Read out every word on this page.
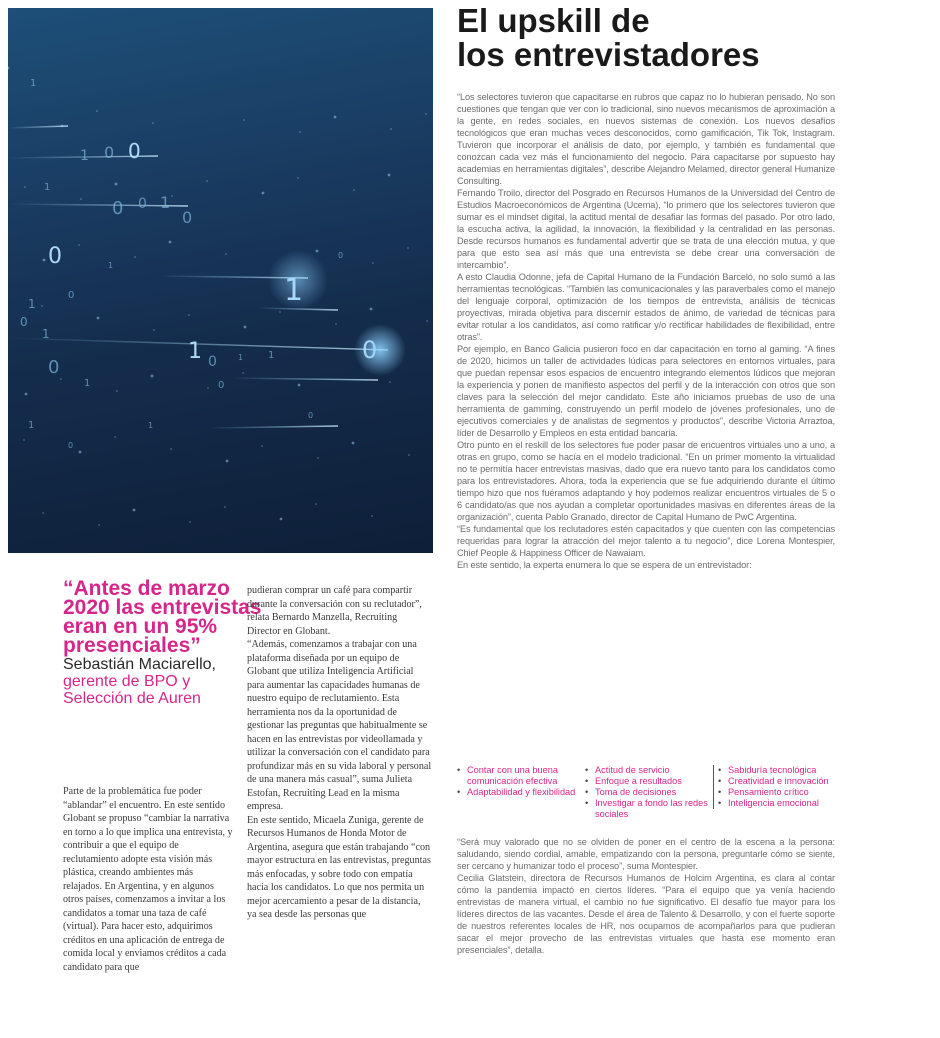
1
0 0
1
1
0
0 1
0
0
1
0
0
1
1 0	1
0
1
1
0
1
0
1
0
1
0
El upskill de
los entrevistadores

“Los selectores tuvieron que capacitarse en rubros que capaz no lo hubieran pensado. No son cuestiones que tengan que ver con lo tradicional, sino nuevos mecanismos de aproximación a la gente, en redes sociales, en nuevos sistemas de conexión. Los nuevos desafíos tecnológicos que eran muchas veces desconocidos, como gamificación, Tik Tok, Instagram. Tuvieron que incorporar el análisis de dato, por ejemplo, y también es fundamental que conozcan cada vez más el funcionamiento del negocio. Para capacitarse por supuesto hay academias en herramientas digitales”, describe Alejandro Melamed, director general Humanize Consulting.

Fernando Troilo, director del Posgrado en Recursos Humanos de la Universidad del Centro de Estudios Macroeconómicos de Argentina (Ucema), “lo primero que los selectores tuvieron que sumar es el mindset digital, la actitud mental de desafiar las formas del pasado. Por otro lado, la escucha activa, la agilidad, la innovación, la flexibilidad y la centralidad en las personas. Desde recursos humanos es fundamental advertir que se trata de una elección mutua, y que para que esto sea así más que una entrevista se debe crear una conversación de intercambio”.

A esto Claudia Odonne, jefa de Capital Humano de la Fundación Barceló, no solo sumó a las herramientas tecnológicas. “También las comunicacionales y las paraverbales como el manejo del lenguaje corporal, optimización de los tiempos de entrevista, análisis de técnicas proyectivas, mirada objetiva para discernir estados de ánimo, de variedad de técnicas para evitar rotular a los candidatos, así como ratificar y/o rectificar habilidades de flexibilidad, entre otras”.

Por ejemplo, en Banco Galicia pusieron foco en dar capacitación en torno al gaming. “A fines de 2020, hicimos un taller de actividades lúdicas para selectores en entornos virtuales, para que puedan repensar esos espacios de encuentro integrando elementos lúdicos que mejoran la experiencia y ponen de manifiesto aspectos del perfil y de la interacción con otros que son claves para la selección del mejor candidato. Este año iniciamos pruebas de uso de una herramienta de gamming, construyendo un perfil modelo de jóvenes profesionales, uno de ejecutivos comerciales y de analistas de segmentos y productos”, describe Victoria Arraztoa, líder de Desarrollo y Empleos en esta entidad bancaria.

Otro punto en el reskill de los selectores fue poder pasar de encuentros virtuales uno a uno, a otras en grupo, como se hacía en el modelo tradicional. “En un primer momento la virtualidad no te permitía hacer entrevistas masivas, dado que era nuevo tanto para los candidatos como para los entrevistadores. Ahora, toda la experiencia que se fue adquiriendo durante el último tiempo hizo que nos fuéramos adaptando y hoy podemos realizar encuentros virtuales de 5 o 6 candidato/as que nos ayudan a completar oportunidades masivas en diferentes áreas de la organización”, cuenta Pablo Granado, director de Capital Humano de PwC Argentina.

“Es fundamental que los reclutadores estén capacitados y que cuenten con las competencias requeridas para lograr la atracción del mejor talento a tu negocio”, dice Lorena Montespier, Chief People & Happiness Officer de Nawaiam.

En este sentido, la experta enumera lo que se espera de un entrevistador:

• Contar con una buena comunicación efectiva
• Adaptabilidad y flexibilidad
• Actitud de servicio
• Enfoque a resultados
• Toma de decisiones
• Investigar a fondo las redes sociales
• Sabiduría tecnológica
• Creatividad e innovación
• Pensamiento crítico
• Inteligencia emocional

“Será muy valorado que no se olviden de poner en el centro de la escena a la persona: saludando, siendo cordial, amable, empatizando con la persona, preguntarle cómo se siente, ser cercano y humanizar todo el proceso”, suma Montespier.

Cecilia Glatstein, directora de Recursos Humanos de Holcim Argentina, es clara al contar cómo la pandemia impactó en ciertos líderes. “Para el equipo que ya venía haciendo entrevistas de manera virtual, el cambio no fue significativo. El desafío fue mayor para los líderes directos de las vacantes. Desde el área de Talento & Desarrollo, y con el fuerte soporte de nuestros referentes locales de HR, nos ocupamos de acompañarlos para que pudieran sacar el mejor provecho de las entrevistas virtuales que hasta ese momento eran presenciales”, detalla.

“Antes de marzo 2020 las entrevistas eran en un 95% presenciales”
Sebastián Maciarello,
gerente de BPO y Selección de Auren

Parte de la problemática fue poder “ablandar” el encuentro. En este sentido Globant se propuso “cambiar la narrativa en torno a lo que implica una entrevista, y contribuir a que el equipo de reclutamiento adopte esta visión más plástica, creando ambientes más relajados. En Argentina, y en algunos otros países, comenzamos a invitar a los candidatos a tomar una taza de café (virtual). Para hacer esto, adquirimos créditos en una aplicación de entrega de comida local y enviamos créditos a cada candidato para que

pudieran comprar un café para compartir durante la conversación con su reclutador”, relata Bernardo Manzella, Recruiting Director en Globant.

“Además, comenzamos a trabajar con una plataforma diseñada por un equipo de Globant que utiliza Inteligencia Artificial para aumentar las capacidades humanas de nuestro equipo de reclutamiento. Esta herramienta nos da la oportunidad de gestionar las preguntas que habitualmente se hacen en las entrevistas por videollamada y utilizar la conversación con el candidato para profundizar más en su vida laboral y personal de una manera más casual”, suma Julieta Estofan, Recruiting Lead en la misma empresa.

En este sentido, Micaela Zuniga, gerente de Recursos Humanos de Honda Motor de Argentina, asegura que están trabajando “con mayor estructura en las entrevistas, preguntas más enfocadas, y sobre todo con empatía hacia los candidatos. Lo que nos permita un mejor acercamiento a pesar de la distancia, ya sea desde las personas que
